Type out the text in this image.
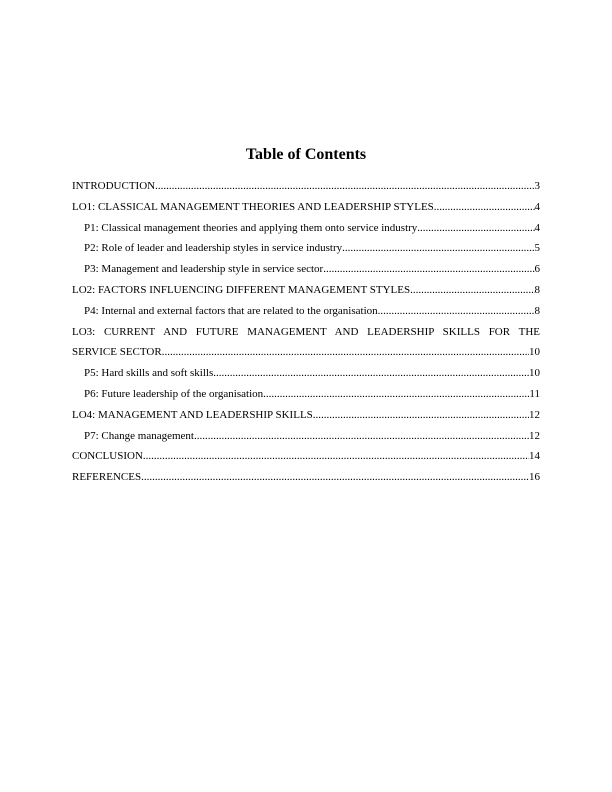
Table of Contents
INTRODUCTION .....	3
LO1: CLASSICAL MANAGEMENT THEORIES AND LEADERSHIP STYLES .....	4
P1: Classical management theories and applying them onto service industry .....	4
P2: Role of leader and leadership styles in service industry .....	5
P3: Management and leadership style in service sector .....	6
LO2: FACTORS INFLUENCING DIFFERENT MANAGEMENT STYLES .....	8
P4: Internal and external factors that are related to the organisation .....	8
LO3: CURRENT AND FUTURE MANAGEMENT AND LEADERSHIP SKILLS FOR THE
SERVICE SECTOR .....	10
P5: Hard skills and soft skills .....	10
P6: Future leadership of the organisation .....	11
LO4: MANAGEMENT AND LEADERSHIP SKILLS .....	12
P7: Change management .....	12
CONCLUSION .....	14
REFERENCES .....	16
